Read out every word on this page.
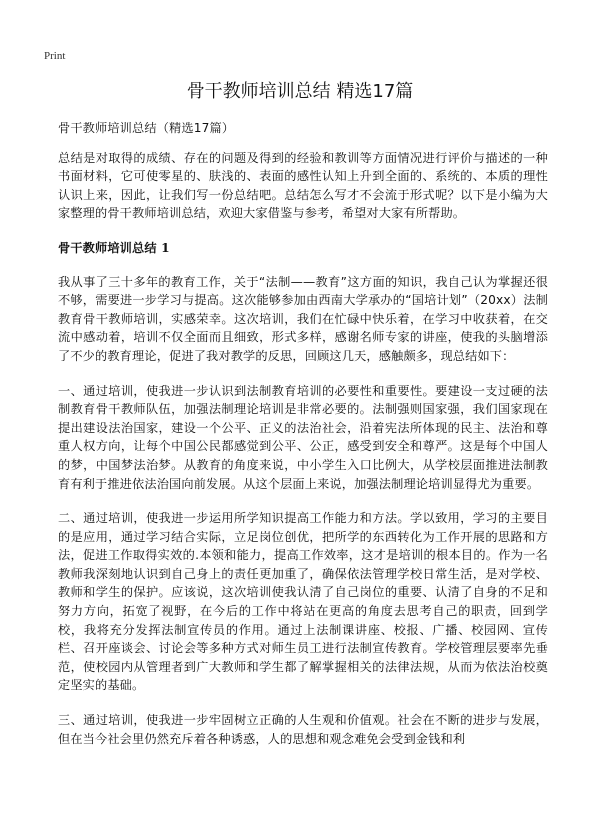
Print
骨干教师培训总结 精选17篇

骨干教师培训总结（精选17篇）

总结是对取得的成绩、存在的问题及得到的经验和教训等方面情况进行评价与描述的一种书面材料，它可使零星的、肤浅的、表面的感性认知上升到全面的、系统的、本质的理性认识上来，因此，让我们写一份总结吧。总结怎么写才不会流于形式呢？以下是小编为大家整理的骨干教师培训总结，欢迎大家借鉴与参考，希望对大家有所帮助。

骨干教师培训总结 1

我从事了三十多年的教育工作，关于“法制——教育”这方面的知识，我自己认为掌握还很不够，需要进一步学习与提高。这次能够参加由西南大学承办的“国培计划”（20xx）法制教育骨干教师培训，实感荣幸。这次培训，我们在忙碌中快乐着，在学习中收获着，在交流中感动着，培训不仅全面而且细致，形式多样，感谢名师专家的讲座，使我的头脑增添了不少的教育理论，促进了我对教学的反思，回顾这几天，感触颇多，现总结如下：

一、通过培训，使我进一步认识到法制教育培训的必要性和重要性。要建设一支过硬的法制教育骨干教师队伍，加强法制理论培训是非常必要的。法制强则国家强，我们国家现在提出建设法治国家，建设一个公平、正义的法治社会，沿着宪法所体现的民主、法治和尊重人权方向，让每个中国公民都感觉到公平、公正，感受到安全和尊严。这是每个中国人的梦，中国梦法治梦。从教育的角度来说，中小学生入口比例大，从学校层面推进法制教育有利于推进依法治国向前发展。从这个层面上来说，加强法制理论培训显得尤为重要。

二、通过培训，使我进一步运用所学知识提高工作能力和方法。学以致用，学习的主要目的是应用，通过学习结合实际，立足岗位创优，把所学的东西转化为工作开展的思路和方法，促进工作取得实效的.本领和能力，提高工作效率，这才是培训的根本目的。作为一名教师我深刻地认识到自己身上的责任更加重了，确保依法管理学校日常生活，是对学校、教师和学生的保护。应该说，这次培训使我认清了自己岗位的重要、认清了自身的不足和努力方向，拓宽了视野，在今后的工作中将站在更高的角度去思考自己的职责，回到学校，我将充分发挥法制宣传员的作用。通过上法制课讲座、校报、广播、校园网、宣传栏、召开座谈会、讨论会等多种方式对师生员工进行法制宣传教育。学校管理层要率先垂范，使校园内从管理者到广大教师和学生都了解掌握相关的法律法规，从而为依法治校奠定坚实的基础。

三、通过培训，使我进一步牢固树立正确的人生观和价值观。社会在不断的进步与发展，但在当今社会里仍然充斥着各种诱惑，人的思想和观念难免会受到金钱和利
